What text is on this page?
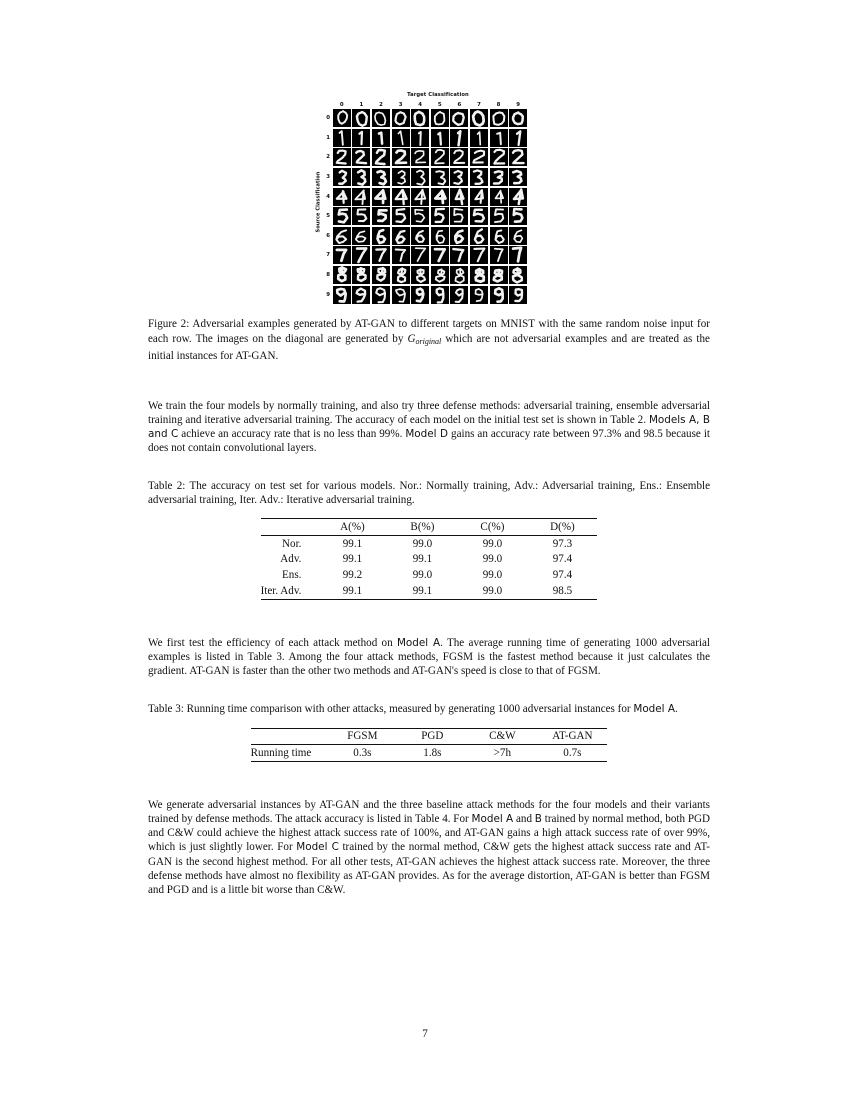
Target Classification
Source Classification
0
1
2
3
4
5
6
7
8
9
0	1	2	3	4	5	6	7	8	9

Figure 2: Adversarial examples generated by AT-GAN to different targets on MNIST with the same random noise input for each row. The images on the diagonal are generated by Goriginal which are not adversarial examples and are treated as the initial instances for AT-GAN.

We train the four models by normally training, and also try three defense methods: adversarial training, ensemble adversarial training and iterative adversarial training. The accuracy of each model on the initial test set is shown in Table 2. Models A, B and C achieve an accuracy rate that is no less than 99%. Model D gains an accuracy rate between 97.3% and 98.5 because it does not contain convolutional layers.

Table 2: The accuracy on test set for various models. Nor.: Normally training, Adv.: Adversarial training, Ens.: Ensemble adversarial training, Iter. Adv.: Iterative adversarial training.

	A(%)	B(%)	C(%)	D(%)
Nor.	99.1	99.0	99.0	97.3
Adv.	99.1	99.1	99.0	97.4
Ens.	99.2	99.0	99.0	97.4
Iter. Adv.	99.1	99.1	99.0	98.5

We first test the efficiency of each attack method on Model A. The average running time of generating 1000 adversarial examples is listed in Table 3. Among the four attack methods, FGSM is the fastest method because it just calculates the gradient. AT-GAN is faster than the other two methods and AT-GAN's speed is close to that of FGSM.

Table 3: Running time comparison with other attacks, measured by generating 1000 adversarial instances for Model A.

	FGSM	PGD	C&W	AT-GAN
Running time	0.3s	1.8s	>7h	0.7s

We generate adversarial instances by AT-GAN and the three baseline attack methods for the four models and their variants trained by defense methods. The attack accuracy is listed in Table 4. For Model A and B trained by normal method, both PGD and C&W could achieve the highest attack success rate of 100%, and AT-GAN gains a high attack success rate of over 99%, which is just slightly lower. For Model C trained by the normal method, C&W gets the highest attack success rate and AT-GAN is the second highest method. For all other tests, AT-GAN achieves the highest attack success rate. Moreover, the three defense methods have almost no flexibility as AT-GAN provides. As for the average distortion, AT-GAN is better than FGSM and PGD and is a little bit worse than C&W.

7
